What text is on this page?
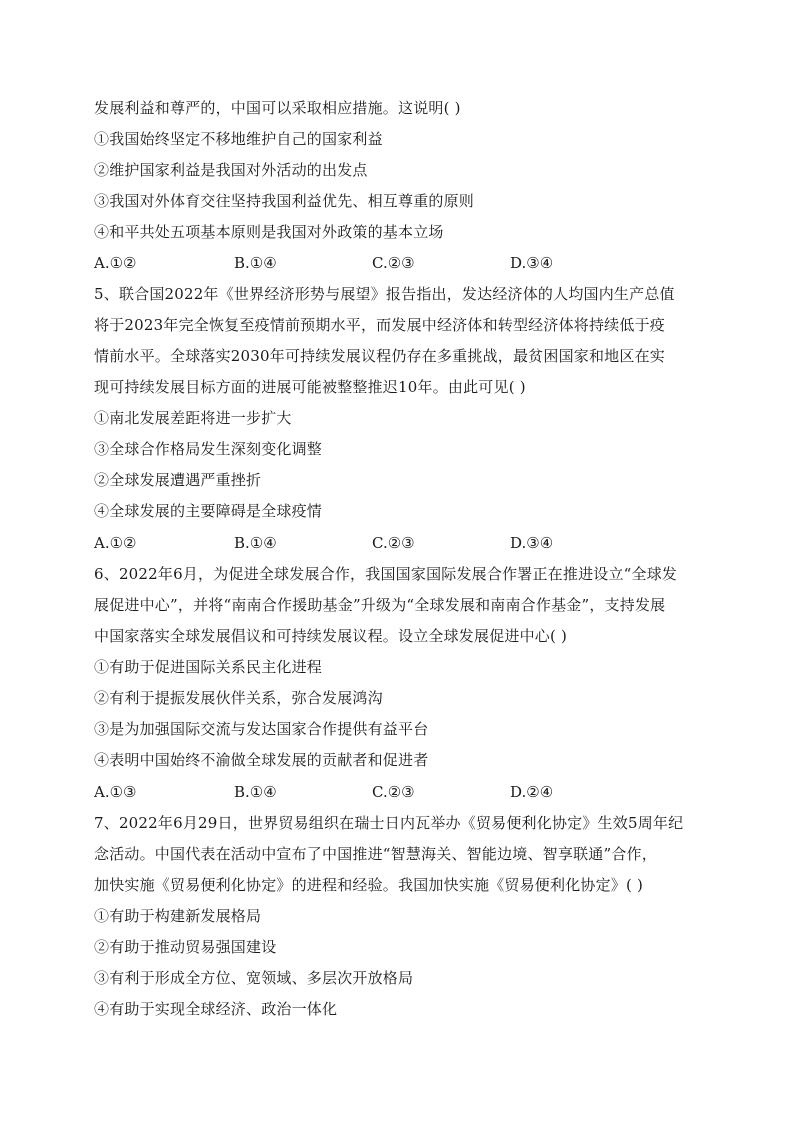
发展利益和尊严的，中国可以采取相应措施。这说明( )
①我国始终坚定不移地维护自己的国家利益
②维护国家利益是我国对外活动的出发点
③我国对外体育交往坚持我国利益优先、相互尊重的原则
④和平共处五项基本原则是我国对外政策的基本立场
A.①②	B.①④	C.②③	D.③④
5、联合国2022年《世界经济形势与展望》报告指出，发达经济体的人均国内生产总值
将于2023年完全恢复至疫情前预期水平，而发展中经济体和转型经济体将持续低于疫
情前水平。全球落实2030年可持续发展议程仍存在多重挑战，最贫困国家和地区在实
现可持续发展目标方面的进展可能被整整推迟10年。由此可见( )
①南北发展差距将进一步扩大
③全球合作格局发生深刻变化调整
②全球发展遭遇严重挫折
④全球发展的主要障碍是全球疫情
A.①②	B.①④	C.②③	D.③④
6、2022年6月，为促进全球发展合作，我国国家国际发展合作署正在推进设立“全球发
展促进中心”，并将“南南合作援助基金”升级为“全球发展和南南合作基金”，支持发展
中国家落实全球发展倡议和可持续发展议程。设立全球发展促进中心( )
①有助于促进国际关系民主化进程
②有利于提振发展伙伴关系，弥合发展鸿沟
③是为加强国际交流与发达国家合作提供有益平台
④表明中国始终不渝做全球发展的贡献者和促进者
A.①③	B.①④	C.②③	D.②④
7、2022年6月29日，世界贸易组织在瑞士日内瓦举办《贸易便利化协定》生效5周年纪
念活动。中国代表在活动中宣布了中国推进“智慧海关、智能边境、智享联通”合作，
加快实施《贸易便利化协定》的进程和经验。我国加快实施《贸易便利化协定》( )
①有助于构建新发展格局
②有助于推动贸易强国建设
③有利于形成全方位、宽领域、多层次开放格局
④有助于实现全球经济、政治一体化
